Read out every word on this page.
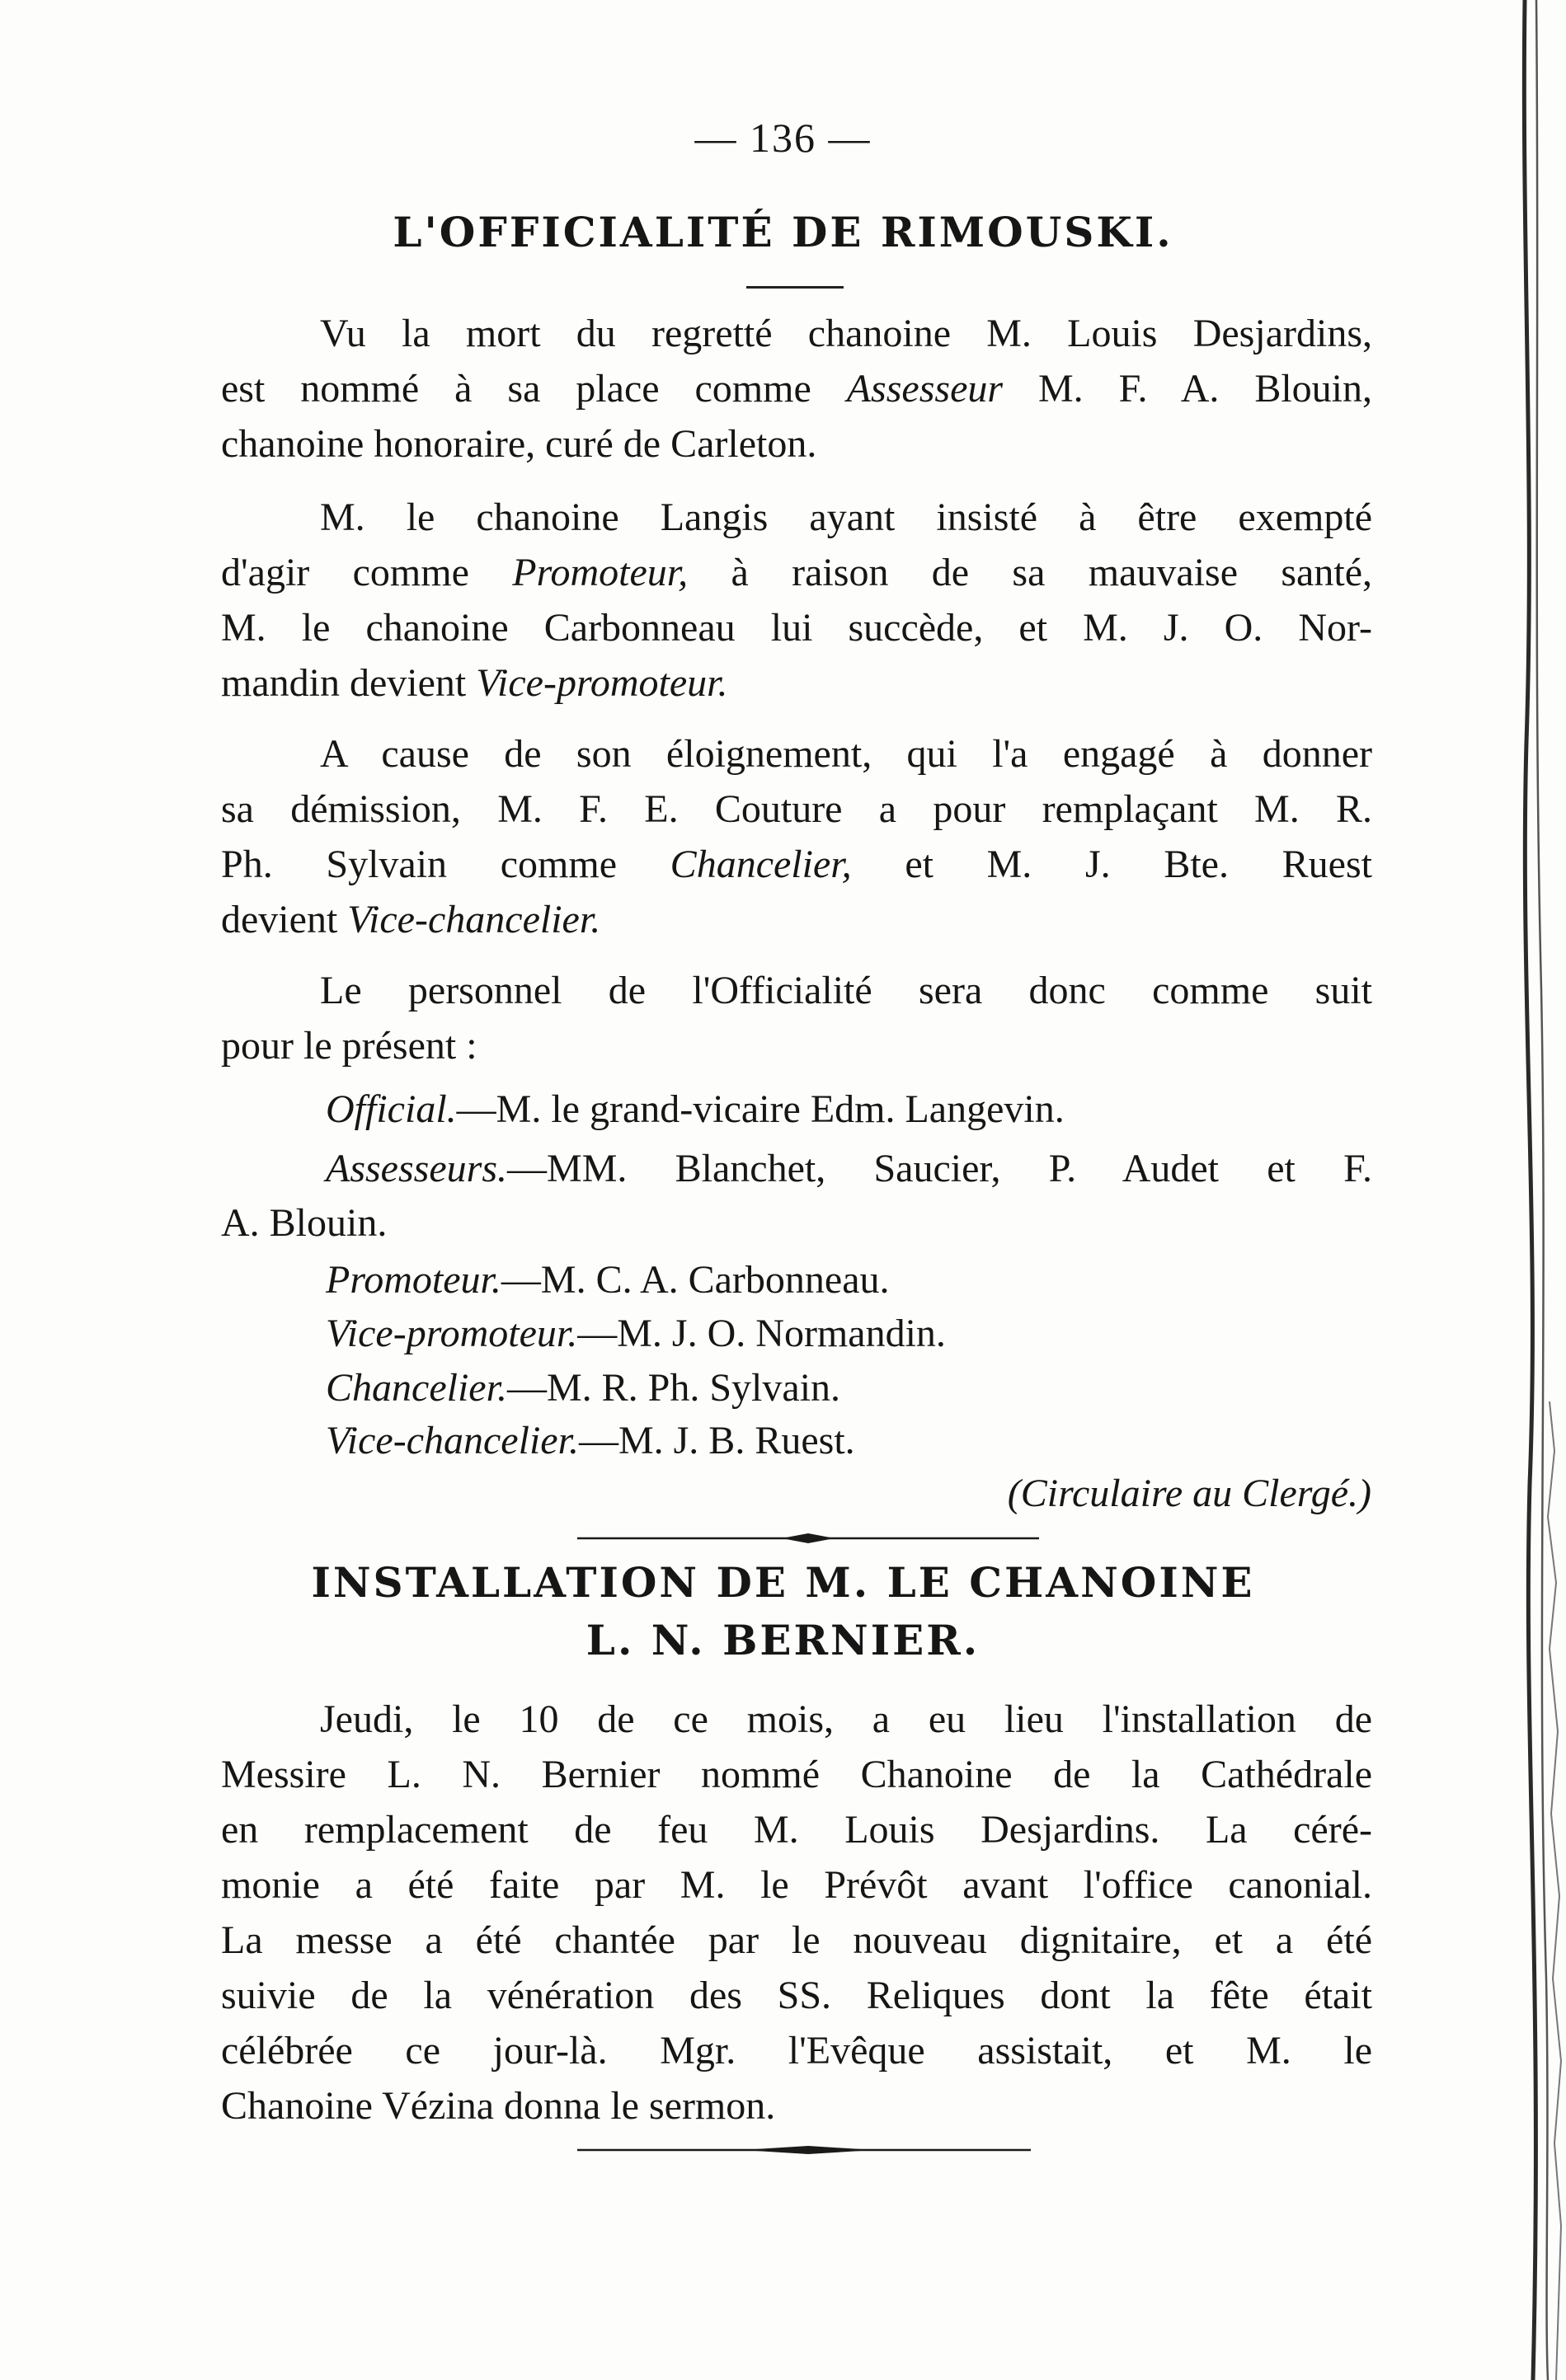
— 136 —
L'OFFICIALITÉ DE RIMOUSKI.
Vu la mort du regretté chanoine M. Louis Desjardins,
est nommé à sa place comme Assesseur M. F. A. Blouin,
chanoine honoraire, curé de Carleton.
M. le chanoine Langis ayant insisté à être exempté
d'agir comme Promoteur, à raison de sa mauvaise santé,
M. le chanoine Carbonneau lui succède, et M. J. O. Nor-
mandin devient Vice-promoteur.
A cause de son éloignement, qui l'a engagé à donner
sa démission, M. F. E. Couture a pour remplaçant M. R.
Ph. Sylvain comme Chancelier, et M. J. Bte. Ruest
devient Vice-chancelier.
Le personnel de l'Officialité sera donc comme suit
pour le présent :
Official.—M. le grand-vicaire Edm. Langevin.
Assesseurs.—MM. Blanchet, Saucier, P. Audet et F.
A. Blouin.
Promoteur.—M. C. A. Carbonneau.
Vice-promoteur.—M. J. O. Normandin.
Chancelier.—M. R. Ph. Sylvain.
Vice-chancelier.—M. J. B. Ruest.
(Circulaire au Clergé.)
INSTALLATION DE M. LE CHANOINE
L. N. BERNIER.
Jeudi, le 10 de ce mois, a eu lieu l'installation de
Messire L. N. Bernier nommé Chanoine de la Cathédrale
en remplacement de feu M. Louis Desjardins. La céré-
monie a été faite par M. le Prévôt avant l'office canonial.
La messe a été chantée par le nouveau dignitaire, et a été
suivie de la vénération des SS. Reliques dont la fête était
célébrée ce jour-là. Mgr. l'Evêque assistait, et M. le
Chanoine Vézina donna le sermon.
